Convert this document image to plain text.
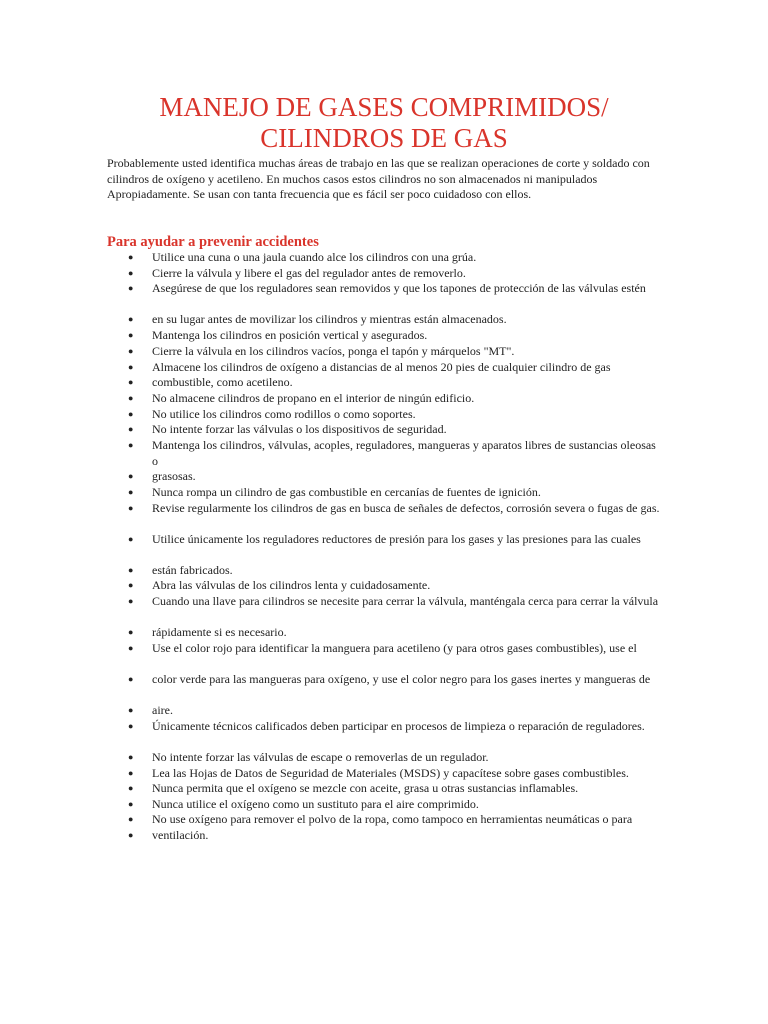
MANEJO DE GASES COMPRIMIDOS/ CILINDROS DE GAS

Probablemente usted identifica muchas áreas de trabajo en las que se realizan operaciones de corte y soldado con
cilindros de oxígeno y acetileno. En muchos casos estos cilindros no son almacenados ni manipulados
Apropiadamente. Se usan con tanta frecuencia que es fácil ser poco cuidadoso con ellos.

Para ayudar a prevenir accidentes
● Utilice una cuna o una jaula cuando alce los cilindros con una grúa.
● Cierre la válvula y libere el gas del regulador antes de removerlo.
● Asegúrese de que los reguladores sean removidos y que los tapones de protección de las válvulas estén
● en su lugar antes de movilizar los cilindros y mientras están almacenados.
● Mantenga los cilindros en posición vertical y asegurados.
● Cierre la válvula en los cilindros vacíos, ponga el tapón y márquelos "MT".
● Almacene los cilindros de oxígeno a distancias de al menos 20 pies de cualquier cilindro de gas
● combustible, como acetileno.
● No almacene cilindros de propano en el interior de ningún edificio.
● No utilice los cilindros como rodillos o como soportes.
● No intente forzar las válvulas o los dispositivos de seguridad.
● Mantenga los cilindros, válvulas, acoples, reguladores, mangueras y aparatos libres de sustancias oleosas o
● grasosas.
● Nunca rompa un cilindro de gas combustible en cercanías de fuentes de ignición.
● Revise regularmente los cilindros de gas en busca de señales de defectos, corrosión severa o fugas de gas.
● Utilice únicamente los reguladores reductores de presión para los gases y las presiones para las cuales
● están fabricados.
● Abra las válvulas de los cilindros lenta y cuidadosamente.
● Cuando una llave para cilindros se necesite para cerrar la válvula, manténgala cerca para cerrar la válvula
● rápidamente si es necesario.
● Use el color rojo para identificar la manguera para acetileno (y para otros gases combustibles), use el
● color verde para las mangueras para oxígeno, y use el color negro para los gases inertes y mangueras de
● aire.
● Únicamente técnicos calificados deben participar en procesos de limpieza o reparación de reguladores.
● No intente forzar las válvulas de escape o removerlas de un regulador.
● Lea las Hojas de Datos de Seguridad de Materiales (MSDS) y capacítese sobre gases combustibles.
● Nunca permita que el oxígeno se mezcle con aceite, grasa u otras sustancias inflamables.
● Nunca utilice el oxígeno como un sustituto para el aire comprimido.
● No use oxígeno para remover el polvo de la ropa, como tampoco en herramientas neumáticas o para
● ventilación.
